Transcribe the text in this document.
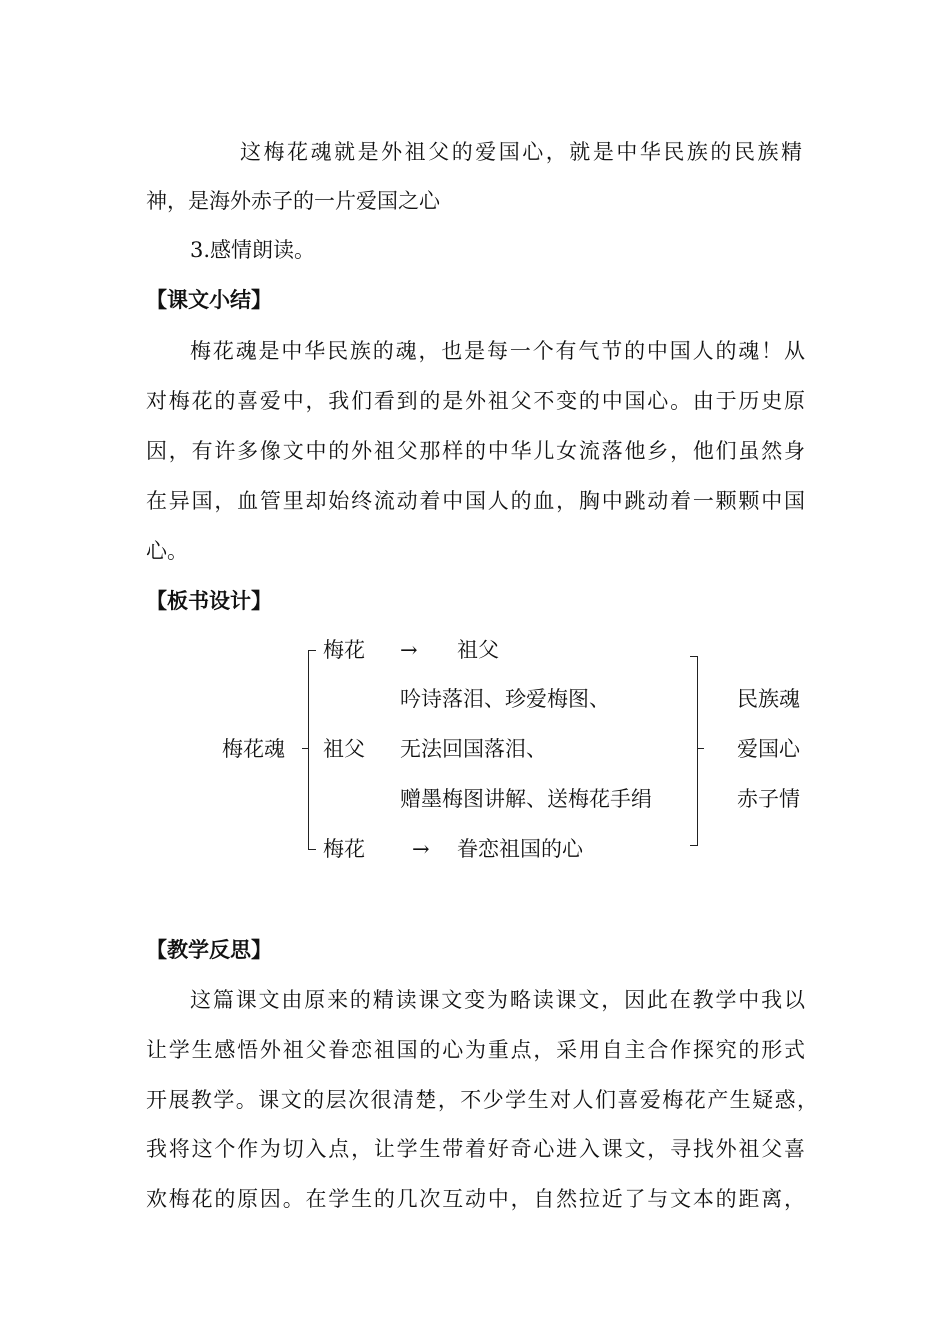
这梅花魂就是外祖父的爱国心，就是中华民族的民族精
神，是海外赤子的一片爱国之心
3.感情朗读。
【课文小结】
梅花魂是中华民族的魂，也是每一个有气节的中国人的魂！从
对梅花的喜爱中，我们看到的是外祖父不变的中国心。由于历史原
因，有许多像文中的外祖父那样的中华儿女流落他乡，他们虽然身
在异国，血管里却始终流动着中国人的血，胸中跳动着一颗颗中国
心。
【板书设计】
梅花魂
梅花 → 祖父
吟诗落泪、珍爱梅图、
祖父 无法回国落泪、
赠墨梅图讲解、送梅花手绢
梅花 → 眷恋祖国的心
民族魂
爱国心
赤子情
【教学反思】
这篇课文由原来的精读课文变为略读课文，因此在教学中我以
让学生感悟外祖父眷恋祖国的心为重点，采用自主合作探究的形式
开展教学。课文的层次很清楚，不少学生对人们喜爱梅花产生疑惑，
我将这个作为切入点，让学生带着好奇心进入课文，寻找外祖父喜
欢梅花的原因。在学生的几次互动中，自然拉近了与文本的距离，
